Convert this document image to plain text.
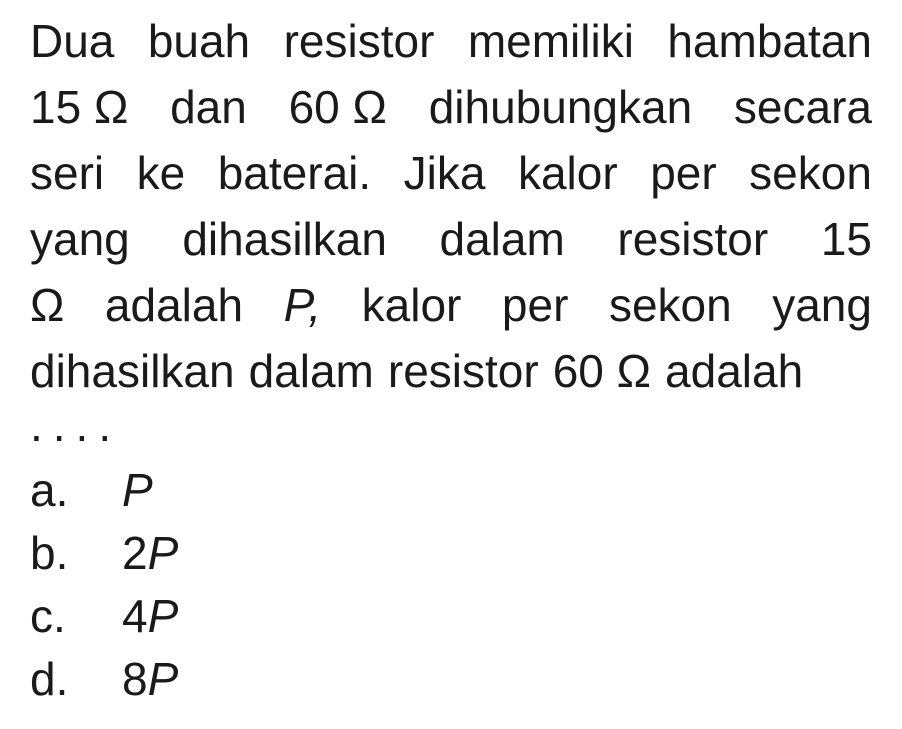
Dua buah resistor memiliki hambatan
15 Ω dan 60 Ω dihubungkan secara
seri ke baterai. Jika kalor per sekon
yang dihasilkan dalam resistor 15
Ω adalah P, kalor per sekon yang
dihasilkan dalam resistor 60 Ω adalah
....
a.	P
b.	2P
c.	4P
d.	8P
